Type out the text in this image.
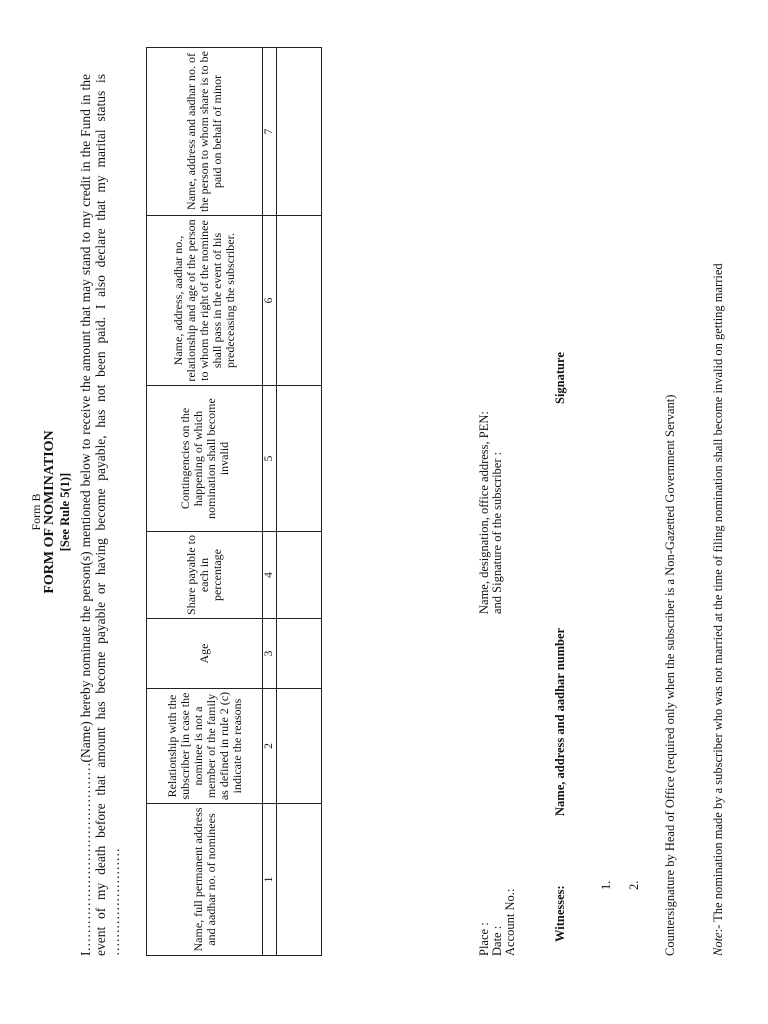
Form B FORM OF NOMINATION [See Rule 5(1)] I……………………………………(Name) hereby nominate the person(s) mentioned below to receive the amount that may stand to my credit in the Fund in the event of my death before that amount has become payable or having become payable, has not been paid. I also declare that my marital status is ……………………	Name, full permanent address and aadhar no. of nominees	Relationship with the subscriber [in case the nominee is not a member of the family as defined in rule 2 (c) indicate the reasons	Age	Share payable to each in percentage	Contingencies on the happening of which nomination shall become invalid	Name, address, aadhar no., relationship and age of the person to whom the right of the nominee shall pass in the event of his predeceasing the subscriber.	Name, address and aadhar no. of the person to whom share is to be paid on behalf of minor
1	2	3	4	5	6	7

Place : Date : Account No.:
Name, designation, office address, PEN: and Signature of the subscriber :
Witnesses:
Name, address and aadhar number
Signature
1. 2. Countersignature by Head of Office (required only when the subscriber is a Non-Gazetted Government Servant)	Note:- The nomination made by a subscriber who was not married at the time of filing nomination shall become invalid on getting married
